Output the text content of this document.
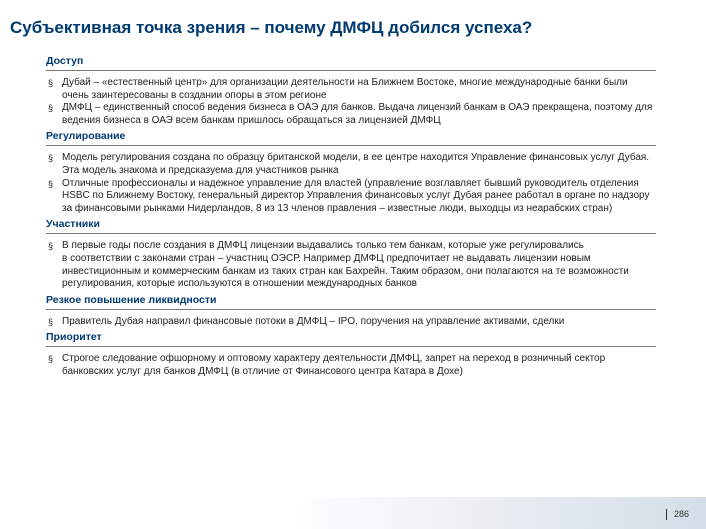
Субъективная точка зрения – почему ДМФЦ добился успеха?
Доступ
§ Дубай – «естественный центр» для организации деятельности на Ближнем Востоке, многие международные банки были очень заинтересованы в создании опоры в этом регионе
§ ДМФЦ – единственный способ ведения бизнеса в ОАЭ для банков. Выдача лицензий банкам в ОАЭ прекращена, поэтому для ведения бизнеса в ОАЭ всем банкам пришлось обращаться за лицензией ДМФЦ
Регулирование
§ Модель регулирования создана по образцу британской модели, в ее центре находится Управление финансовых услуг Дубая. Эта модель знакома и предсказуема для участников рынка
§ Отличные профессионалы и надежное управление для властей (управление возглавляет бывший руководитель отделения HSBC по Ближнему Востоку, генеральный директор Управления финансовых услуг Дубая ранее работал в органе по надзору за финансовыми рынками Нидерландов, 8 из 13 членов правления – известные люди, выходцы из неарабских стран)
Участники
§ В первые годы после создания в ДМФЦ лицензии выдавались только тем банкам, которые уже регулировались
в соответствии с законами стран – участниц ОЭСР. Например ДМФЦ предпочитает не выдавать лицензии новым инвестиционным и коммерческим банкам из таких стран как Бахрейн. Таким образом, они полагаются на те возможности регулирования, которые используются в отношении международных банков
Резкое повышение ликвидности
§ Правитель Дубая направил финансовые потоки в ДМФЦ – IPO, поручения на управление активами, сделки
Приоритет
§ Строгое следование офшорному и оптовому характеру деятельности ДМФЦ, запрет на переход в розничный сектор банковских услуг для банков ДМФЦ (в отличие от Финансового центра Катара в Дохе)
286
